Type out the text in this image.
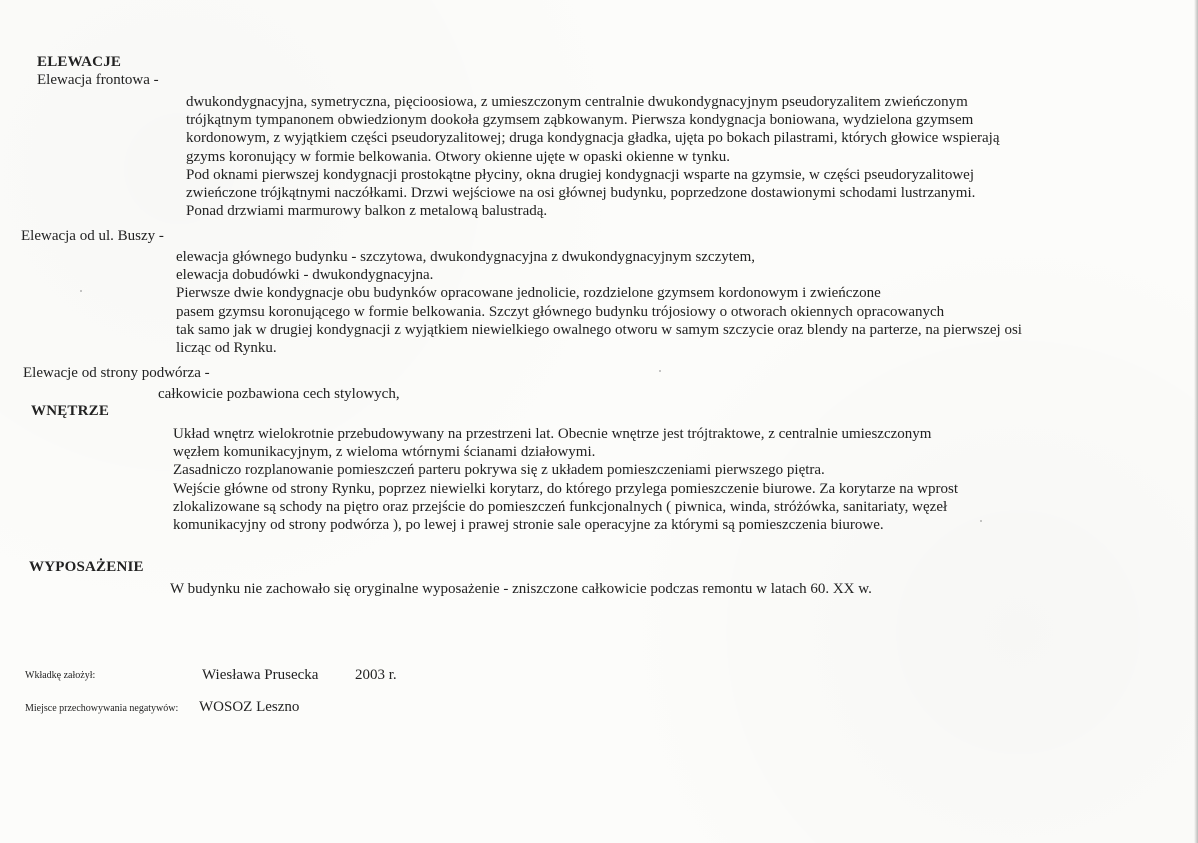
ELEWACJE
Elewacja frontowa -
dwukondygnacyjna, symetryczna, pięcioosiowa, z umieszczonym centralnie dwukondygnacyjnym pseudoryzalitem zwieńczonym
trójkątnym tympanonem obwiedzionym dookoła gzymsem ząbkowanym. Pierwsza kondygnacja boniowana, wydzielona gzymsem
kordonowym, z wyjątkiem części pseudoryzalitowej; druga kondygnacja gładka, ujęta po bokach pilastrami, których głowice wspierają
gzyms koronujący w formie belkowania. Otwory okienne ujęte w opaski okienne w tynku.
Pod oknami pierwszej kondygnacji prostokątne płyciny, okna drugiej kondygnacji wsparte na gzymsie, w części pseudoryzalitowej
zwieńczone trójkątnymi naczółkami. Drzwi wejściowe na osi głównej budynku, poprzedzone dostawionymi schodami lustrzanymi.
Ponad drzwiami marmurowy balkon z metalową balustradą.
Elewacja od ul. Buszy -
elewacja głównego budynku - szczytowa, dwukondygnacyjna z dwukondygnacyjnym szczytem,
elewacja dobudówki - dwukondygnacyjna.
Pierwsze dwie kondygnacje obu budynków opracowane jednolicie, rozdzielone gzymsem kordonowym i zwieńczone
pasem gzymsu koronującego w formie belkowania. Szczyt głównego budynku trójosiowy o otworach okiennych opracowanych
tak samo jak w drugiej kondygnacji z wyjątkiem niewielkiego owalnego otworu w samym szczycie oraz blendy na parterze, na pierwszej osi
licząc od Rynku.
Elewacje od strony podwórza -
całkowicie pozbawiona cech stylowych,
WNĘTRZE
Układ wnętrz wielokrotnie przebudowywany na przestrzeni lat. Obecnie wnętrze jest trójtraktowe, z centralnie umieszczonym
węzłem komunikacyjnym, z wieloma wtórnymi ścianami działowymi.
Zasadniczo rozplanowanie pomieszczeń parteru pokrywa się z układem pomieszczeniami pierwszego piętra.
Wejście główne od strony Rynku, poprzez niewielki korytarz, do którego przylega pomieszczenie biurowe. Za korytarze na wprost
zlokalizowane są schody na piętro oraz przejście do pomieszczeń funkcjonalnych ( piwnica, winda, stróżówka, sanitariaty, węzeł
komunikacyjny od strony podwórza ), po lewej i prawej stronie sale operacyjne za którymi są pomieszczenia biurowe.
WYPOSAŻENIE
W budynku nie zachowało się oryginalne wyposażenie - zniszczone całkowicie podczas remontu w latach 60. XX w.
Wkładkę założył:	Wiesława Prusecka 2003 r.
Miejsce przechowywania negatywów: WOSOZ Leszno
